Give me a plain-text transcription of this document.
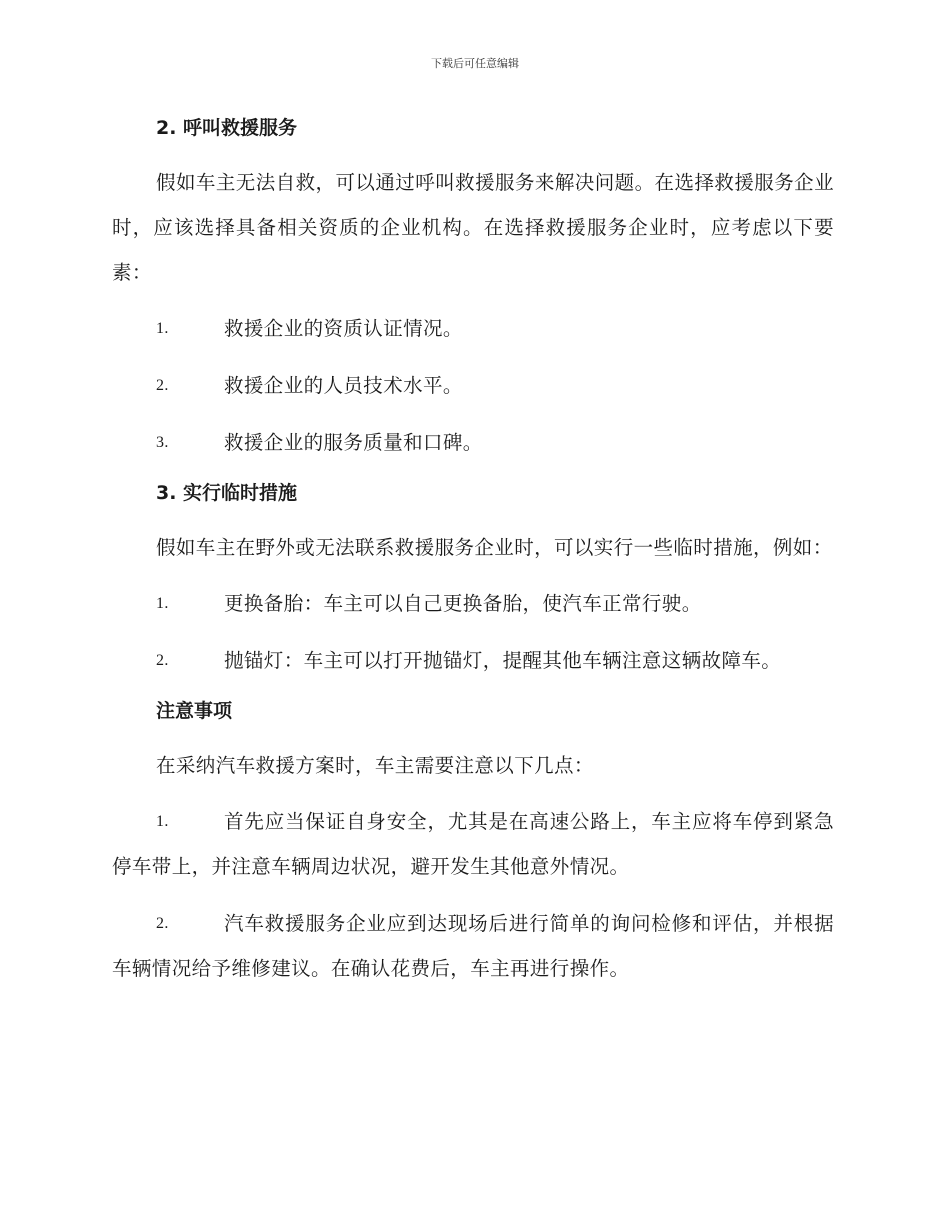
下载后可任意编辑
2. 呼叫救援服务

假如车主无法自救，可以通过呼叫救援服务来解决问题。在选择救援服务企业时，应该选择具备相关资质的企业机构。在选择救援服务企业时，应考虑以下要素：

1.	救援企业的资质认证情况。
2.	救援企业的人员技术水平。
3.	救援企业的服务质量和口碑。
3. 实行临时措施

假如车主在野外或无法联系救援服务企业时，可以实行一些临时措施，例如：

1.	更换备胎：车主可以自己更换备胎，使汽车正常行驶。
2.	抛锚灯：车主可以打开抛锚灯，提醒其他车辆注意这辆故障车。
注意事项

在采纳汽车救援方案时，车主需要注意以下几点：

1.	首先应当保证自身安全，尤其是在高速公路上，车主应将车停到紧急停车带上，并注意车辆周边状况，避开发生其他意外情况。
2.	汽车救援服务企业应到达现场后进行简单的询问检修和评估，并根据车辆情况给予维修建议。在确认花费后，车主再进行操作。
